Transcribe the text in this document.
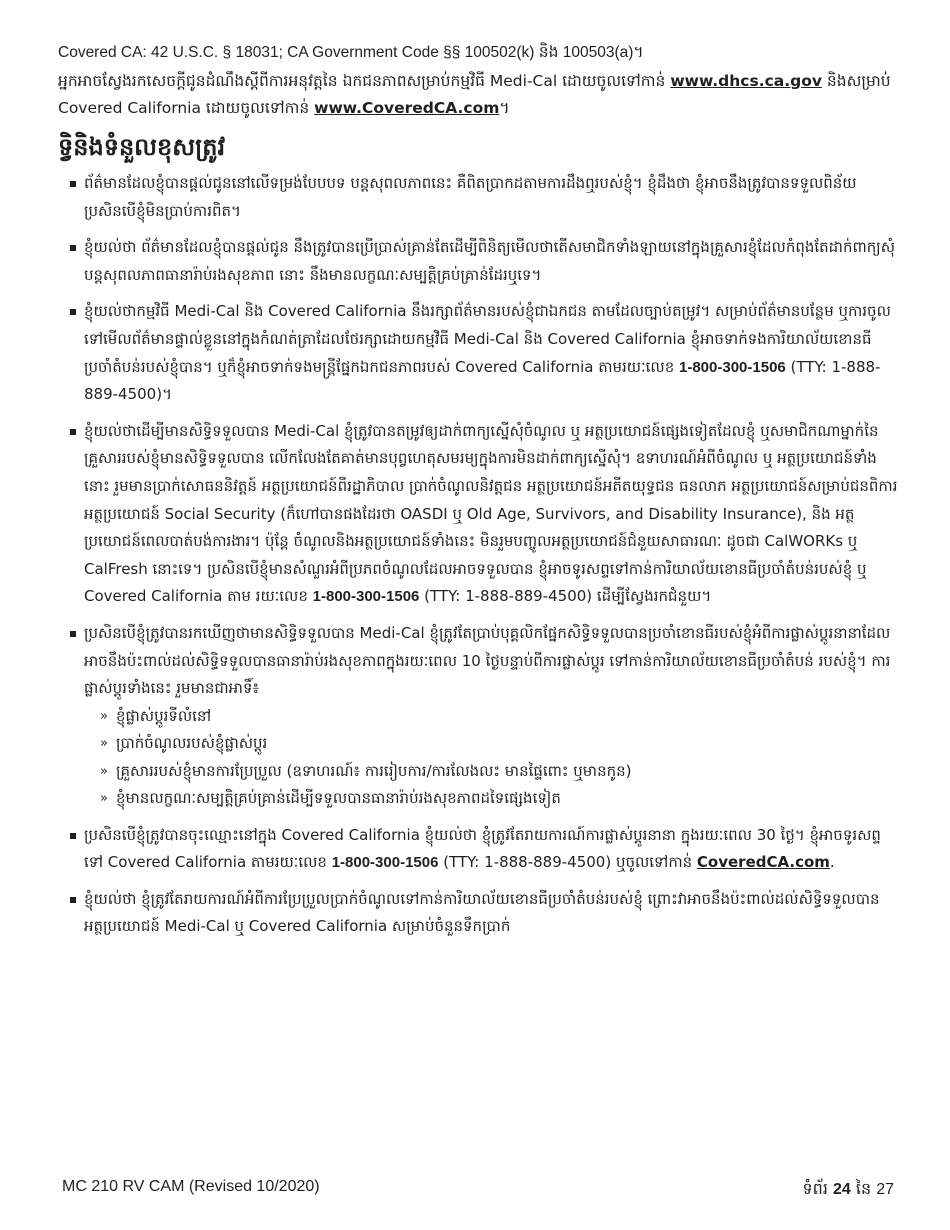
Covered CA: 42 U.S.C. § 18031; CA Government Code §§ 100502(k) និង 100503(a)។

អ្នកអាចស្វែងរកសេចក្តីជូនដំណឹងស្តីពីការអនុវត្តនៃ ឯកជនភាពសម្រាប់កម្មវិធី Medi-Cal ដោយចូលទៅកាន់ www.dhcs.ca.gov និងសម្រាប់ Covered California ដោយចូលទៅកាន់ www.CoveredCA.com។

ទិ្វនិងទំនួលខុសត្រូវ
ព័ត៌មានដែលខ្ញុំបានផ្តល់ជូននៅលើទម្រង់បែបបទ បន្តសុពលភាពនេះ គឺពិតប្រាកដតាមការដឹងឮរបស់ខ្ញុំ។ ខ្ញុំដឹងថា ខ្ញុំអាចនឹងត្រូវបានទទួលពិន័យ ប្រសិនបើខ្ញុំមិនប្រាប់ការពិត។
ខ្ញុំយល់ថា ព័ត៌មានដែលខ្ញុំបានផ្តល់ជូន នឹងត្រូវបានប្រើប្រាស់គ្រាន់តែដើម្បីពិនិត្យមើលថាតើសមាជិកទាំងឡាយនៅក្នុងគ្រួសារខ្ញុំដែលកំពុងតែដាក់ពាក្យសុំបន្តសុពលភាពធានារ៉ាប់រងសុខភាព នោះ នឹងមានលក្ខណៈសម្បត្តិគ្រប់គ្រាន់ដែរឬទេ។
ខ្ញុំយល់ថាកម្មវិធី Medi-Cal និង Covered California នឹងរក្សាព័ត៌មានរបស់ខ្ញុំជាឯកជន តាមដែលច្បាប់តម្រូវ។ សម្រាប់ព័ត៌មានបន្ថែម ឬការចូលទៅមើលព័ត៌មានផ្ទាល់ខ្លួននៅក្នុងកំណត់ត្រាដែលថែរក្សាដោយកម្មវិធី Medi-Cal និង Covered California ខ្ញុំអាចទាក់ទងការិយាល័យខោនធីប្រចាំតំបន់របស់ខ្ញុំបាន។ ឬក៏ខ្ញុំអាចទាក់ទងមន្ត្រីផ្នែកឯកជនភាពរបស់ Covered California តាមរយៈលេខ 1-800-300-1506 (TTY: 1-888-889-4500)។
ខ្ញុំយល់ថាដើម្បីមានសិទ្ធិទទួលបាន Medi-Cal ខ្ញុំត្រូវបានតម្រូវឲ្យដាក់ពាក្យស្នើសុំចំណូល ឬ អត្ថប្រយោជន៍ផ្សេងទៀតដែលខ្ញុំ ឬសមាជិកណាម្នាក់នៃគ្រួសាររបស់ខ្ញុំមានសិទ្ធិទទួលបាន លើកលែងតែគាត់មានបុព្វហេតុសមរម្យក្នុងការមិនដាក់ពាក្យស្នើសុំ។ ឧទាហរណ៍អំពីចំណូល ឬ អត្ថប្រយោជន៍ទាំងនោះ រួមមានប្រាក់សោធននិវត្តន៍ អត្ថប្រយោជន៍ពីរដ្ឋាភិបាល ប្រាក់ចំណូលនិវត្តជន អត្ថប្រយោជន៍អតីតយុទ្ធជន ធនលាភ អត្ថប្រយោជន៍សម្រាប់ជនពិការ អត្ថប្រយោជន៍ Social Security (ក៏ហៅបានផងដែរថា OASDI ឬ Old Age, Survivors, and Disability Insurance), និង អត្ថប្រយោជន៍ពេលបាត់បង់ការងារ។ ប៉ុន្តែ ចំណូលនិងអត្ថប្រយោជន៍ទាំងនេះ មិនរួមបញ្ចូលអត្ថប្រយោជន៍ជំនួយសាធារណៈ ដូចជា CalWORKs ឬ CalFresh នោះទេ។ ប្រសិនបើខ្ញុំមានសំណួរអំពីប្រភពចំណូលដែលអាចទទួលបាន ខ្ញុំអាចទូរសព្ទទៅកាន់ការិយាល័យខោនធីប្រចាំតំបន់របស់ខ្ញុំ ឬ Covered California តាម រយៈលេខ 1-800-300-1506 (TTY: 1-888-889-4500) ដើម្បីស្វែងរកជំនួយ។
ប្រសិនបើខ្ញុំត្រូវបានរកឃើញថាមានសិទ្ធិទទួលបាន Medi-Cal ខ្ញុំត្រូវតែប្រាប់បុគ្គលិកផ្នែកសិទ្ធិទទួលបានប្រចាំខោនធីរបស់ខ្ញុំអំពីការផ្លាស់ប្តូរនានាដែលអាចនឹងប៉ះពាល់ដល់សិទ្ធិទទួលបានធានារ៉ាប់រងសុខភាពក្នុងរយៈពេល 10 ថ្ងៃបន្ទាប់ពីការផ្លាស់ប្តូរ ទៅកាន់ការិយាល័យខោនធីប្រចាំតំបន់ របស់ខ្ញុំ។ ការផ្លាស់ប្តូរទាំងនេះ រួមមានជាអាទិ៍៖
» ខ្ញុំផ្លាស់ប្តូរទីលំនៅ
» ប្រាក់ចំណូលរបស់ខ្ញុំផ្លាស់ប្តូរ
» គ្រួសាររបស់ខ្ញុំមានការប្រែប្រួល (ឧទាហរណ៍៖ ការរៀបការ/ការលែងលះ មានផ្ទៃពោះ ឬមានកូន)
» ខ្ញុំមានលក្ខណៈសម្បត្តិគ្រប់គ្រាន់ដើម្បីទទួលបានធានារ៉ាប់រងសុខភាពដទៃផ្សេងទៀត
ប្រសិនបើខ្ញុំត្រូវបានចុះឈ្មោះនៅក្នុង Covered California ខ្ញុំយល់ថា ខ្ញុំត្រូវតែរាយការណ៍ការផ្លាស់ប្តូរនានា ក្នុងរយៈពេល 30 ថ្ងៃ។ ខ្ញុំអាចទូរសព្ទ ទៅ Covered California តាមរយៈលេខ 1-800-300-1506 (TTY: 1-888-889-4500) ឬចូលទៅកាន់ CoveredCA.com.
ខ្ញុំយល់ថា ខ្ញុំត្រូវតែរាយការណ៍អំពីការប្រែប្រួលប្រាក់ចំណូលទៅកាន់ការិយាល័យខោនធីប្រចាំតំបន់របស់ខ្ញុំ ព្រោះវាអាចនឹងប៉ះពាល់ដល់សិទ្ធិទទួលបានអត្ថប្រយោជន៍ Medi-Cal ឬ Covered California សម្រាប់ចំនួនទឹកប្រាក់
MC 210 RV CAM (Revised 10/2020)	ទំព័រ 24 នៃ 27
